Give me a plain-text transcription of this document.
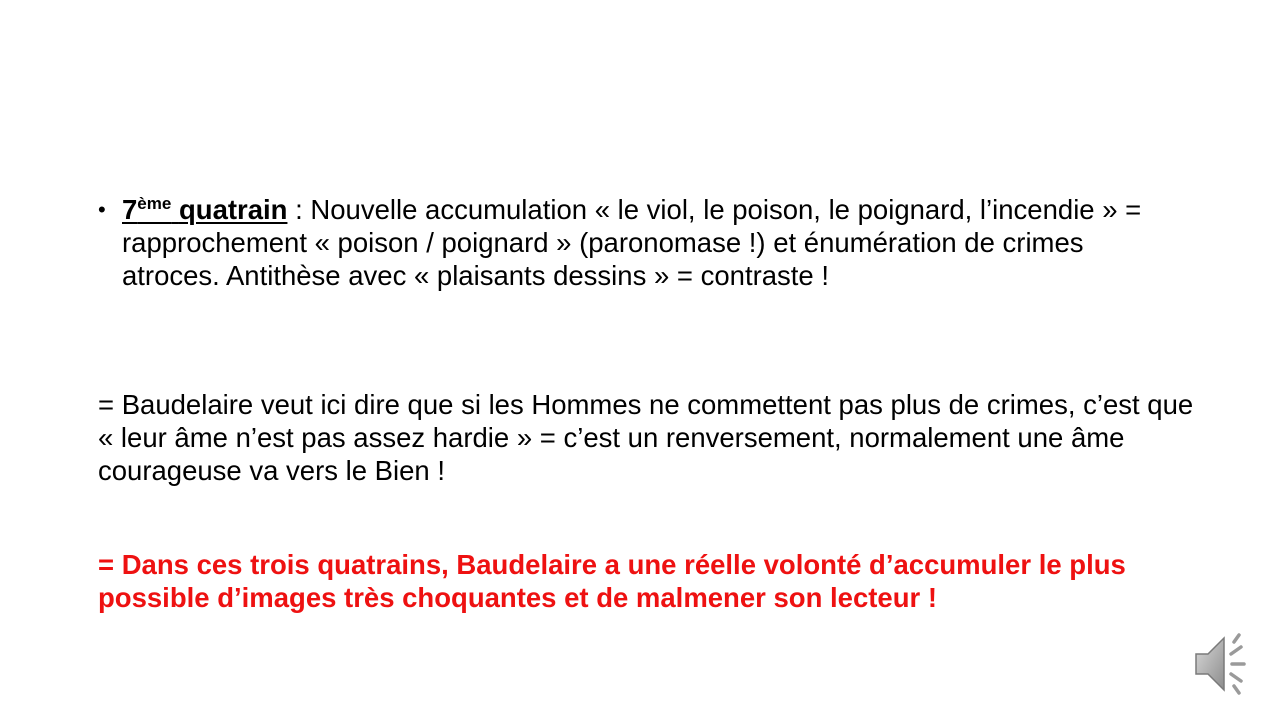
• 7ème quatrain : Nouvelle accumulation « le viol, le poison, le poignard, l’incendie » = rapprochement « poison / poignard » (paronomase !) et énumération de crimes atroces. Antithèse avec « plaisants dessins » = contraste !
= Baudelaire veut ici dire que si les Hommes ne commettent pas plus de crimes, c’est que « leur âme n’est pas assez hardie » = c’est un renversement, normalement une âme courageuse va vers le Bien !
= Dans ces trois quatrains, Baudelaire a une réelle volonté d’accumuler le plus possible d’images très choquantes et de malmener son lecteur !
